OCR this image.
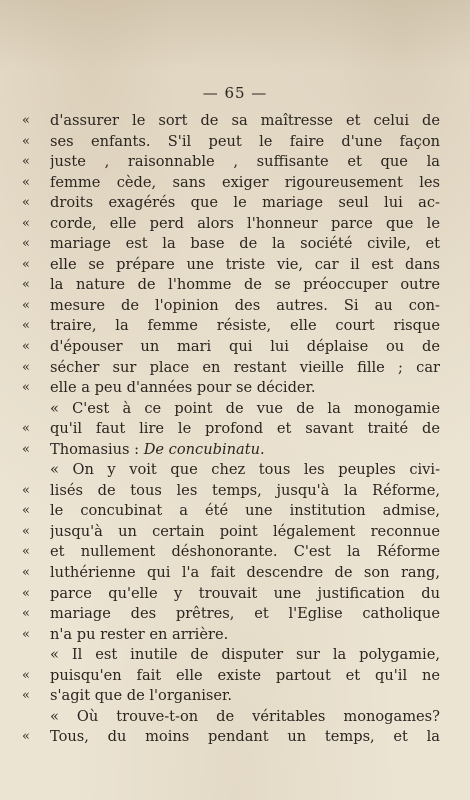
— 65 —
«	d'assurer le sort de sa maîtresse et celui de
«	ses enfants. S'il peut le faire d'une façon
«	juste , raisonnable , suffisante et que la
«	femme cède, sans exiger rigoureusement les
«	droits exagérés que le mariage seul lui ac-
«	corde, elle perd alors l'honneur parce que le
«	mariage est la base de la société civile, et
«	elle se prépare une triste vie, car il est dans
«	la nature de l'homme de se préoccuper outre
«	mesure de l'opinion des autres. Si au con-
«	traire, la femme résiste, elle court risque
«	d'épouser un mari qui lui déplaise ou de
«	sécher sur place en restant vieille fille ; car
«	elle a peu d'années pour se décider.
« C'est à ce point de vue de la monogamie
«	qu'il faut lire le profond et savant traité de
«	Thomasius : De concubinatu.
« On y voit que chez tous les peuples civi-
«	lisés de tous les temps, jusqu'à la Réforme,
«	le concubinat a été une institution admise,
«	jusqu'à un certain point légalement reconnue
«	et nullement déshonorante. C'est la Réforme
«	luthérienne qui l'a fait descendre de son rang,
«	parce qu'elle y trouvait une justification du
«	mariage des prêtres, et l'Eglise catholique
«	n'a pu rester en arrière.
« Il est inutile de disputer sur la polygamie,
«	puisqu'en fait elle existe partout et qu'il ne
«	s'agit que de l'organiser.
« Où trouve-t-on de véritables monogames?
«	Tous, du moins pendant un temps, et la
